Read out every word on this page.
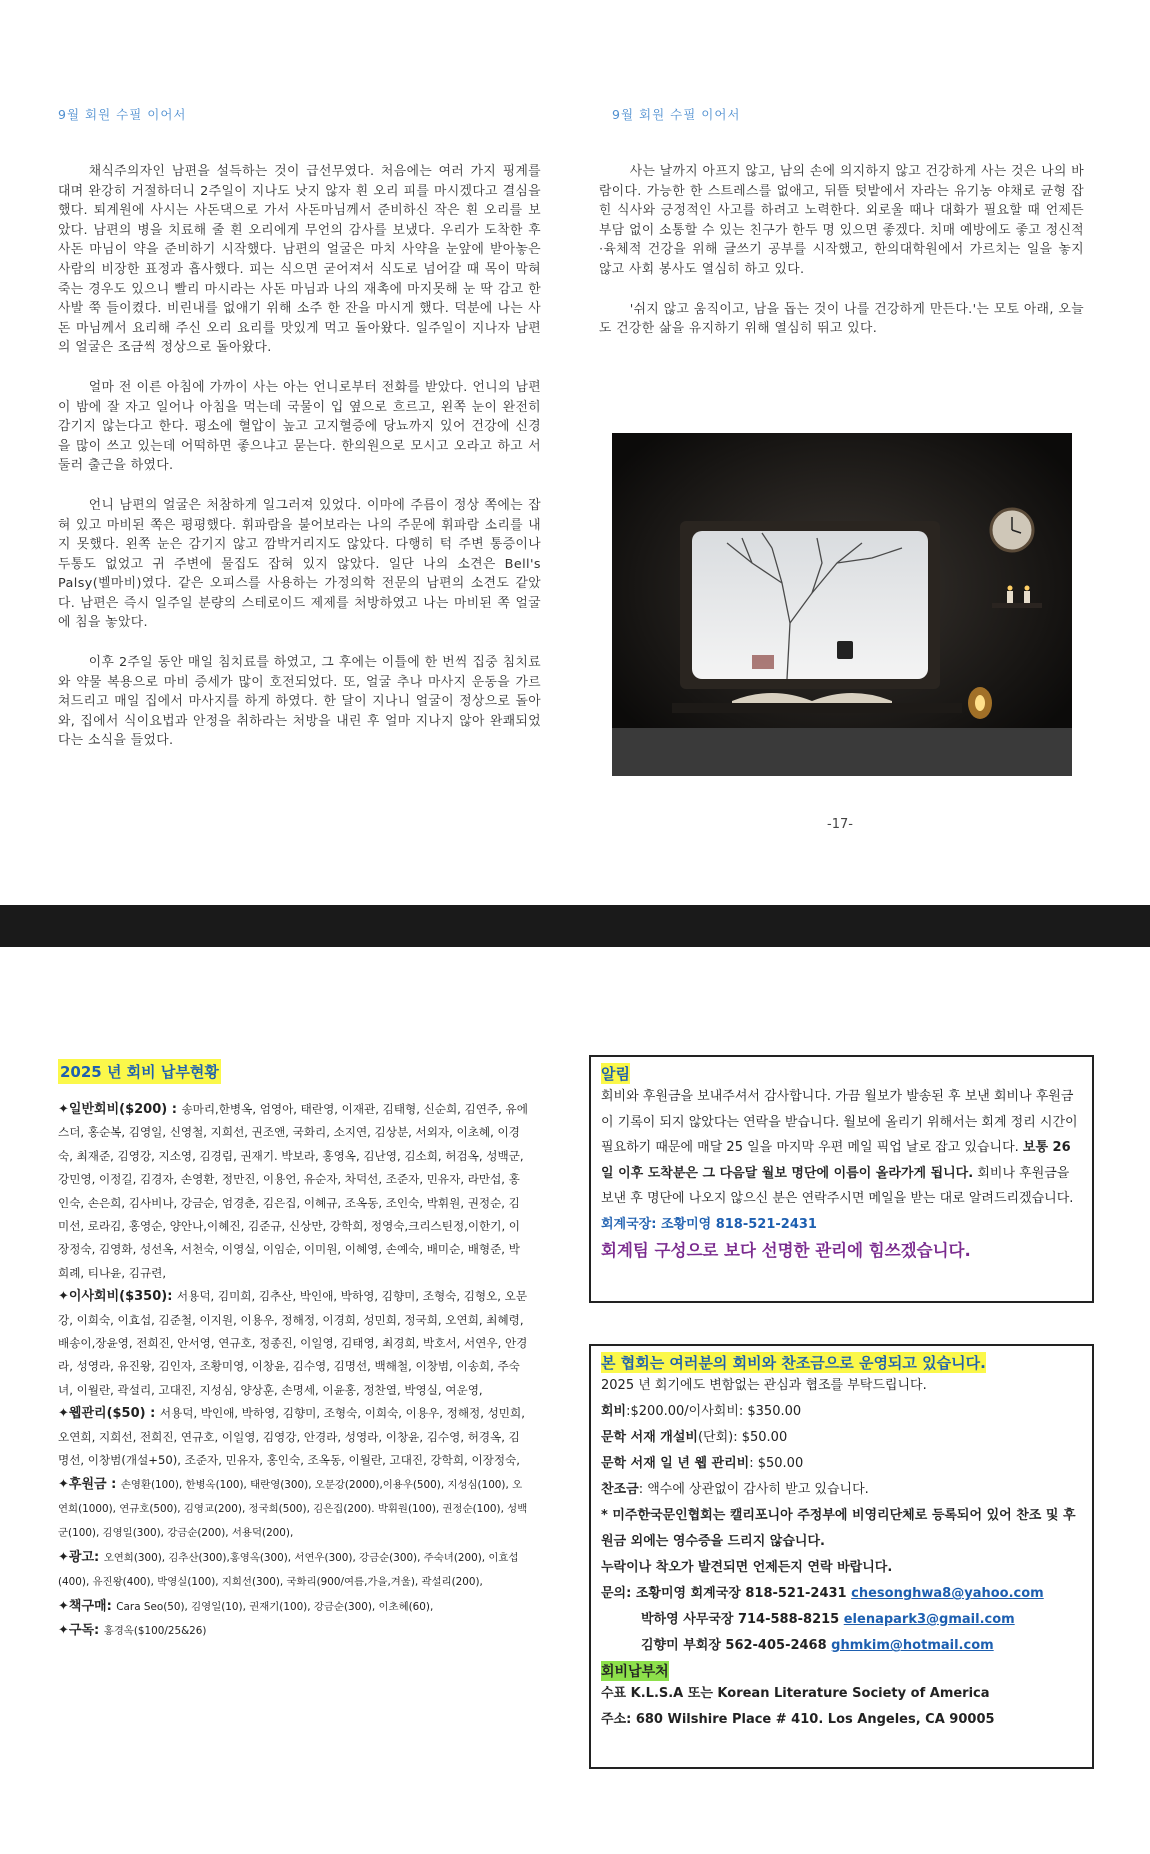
9월 회원 수필 이어서	9월 회원 수필 이어서

채식주의자인 남편을 설득하는 것이 급선무였다. 처음에는 여러 가지 핑계를 대며 완강히 거절하더니 2주일이 지나도 낫지 않자 흰 오리 피를 마시겠다고 결심을 했다. 퇴계원에 사시는 사돈댁으로 가서 사돈마님께서 준비하신 작은 흰 오리를 보았다. 남편의 병을 치료해 줄 흰 오리에게 무언의 감사를 보냈다. 우리가 도착한 후 사돈 마님이 약을 준비하기 시작했다. 남편의 얼굴은 마치 사약을 눈앞에 받아놓은 사람의 비장한 표정과 흡사했다. 피는 식으면 굳어져서 식도로 넘어갈 때 목이 막혀 죽는 경우도 있으니 빨리 마시라는 사돈 마님과 나의 재촉에 마지못해 눈 딱 감고 한 사발 쭉 들이켰다. 비린내를 없애기 위해 소주 한 잔을 마시게 했다. 덕분에 나는 사돈 마님께서 요리해 주신 오리 요리를 맛있게 먹고 돌아왔다. 일주일이 지나자 남편의 얼굴은 조금씩 정상으로 돌아왔다.

얼마 전 이른 아침에 가까이 사는 아는 언니로부터 전화를 받았다. 언니의 남편이 밤에 잘 자고 일어나 아침을 먹는데 국물이 입 옆으로 흐르고, 왼쪽 눈이 완전히 감기지 않는다고 한다. 평소에 혈압이 높고 고지혈증에 당뇨까지 있어 건강에 신경을 많이 쓰고 있는데 어떡하면 좋으냐고 묻는다. 한의원으로 모시고 오라고 하고 서둘러 출근을 하였다.

언니 남편의 얼굴은 처참하게 일그러져 있었다. 이마에 주름이 정상 쪽에는 잡혀 있고 마비된 쪽은 평평했다. 휘파람을 불어보라는 나의 주문에 휘파람 소리를 내지 못했다. 왼쪽 눈은 감기지 않고 깜박거리지도 않았다. 다행히 턱 주변 통증이나 두통도 없었고 귀 주변에 물집도 잡혀 있지 않았다. 일단 나의 소견은 Bell's Palsy(벨마비)였다. 같은 오피스를 사용하는 가정의학 전문의 남편의 소견도 같았다. 남편은 즉시 일주일 분량의 스테로이드 제제를 처방하였고 나는 마비된 쪽 얼굴에 침을 놓았다.

이후 2주일 동안 매일 침치료를 하였고, 그 후에는 이틀에 한 번씩 집중 침치료와 약물 복용으로 마비 증세가 많이 호전되었다. 또, 얼굴 추나 마사지 운동을 가르쳐드리고 매일 집에서 마사지를 하게 하였다. 한 달이 지나니 얼굴이 정상으로 돌아와, 집에서 식이요법과 안정을 취하라는 처방을 내린 후 얼마 지나지 않아 완쾌되었다는 소식을 들었다.

사는 날까지 아프지 않고, 남의 손에 의지하지 않고 건강하게 사는 것은 나의 바람이다. 가능한 한 스트레스를 없애고, 뒤뜰 텃밭에서 자라는 유기농 야채로 균형 잡힌 식사와 긍정적인 사고를 하려고 노력한다. 외로울 때나 대화가 필요할 때 언제든 부담 없이 소통할 수 있는 친구가 한두 명 있으면 좋겠다. 치매 예방에도 좋고 정신적·육체적 건강을 위해 글쓰기 공부를 시작했고, 한의대학원에서 가르치는 일을 놓지 않고 사회 봉사도 열심히 하고 있다.

'쉬지 않고 움직이고, 남을 돕는 것이 나를 건강하게 만든다.'는 모토 아래, 오늘도 건강한 삶을 유지하기 위해 열심히 뛰고 있다.

-17-
2025 년 회비 납부현황
✦일반회비($200) : 송마리,한병옥, 엄영아, 태란영, 이재관, 김태형, 신순희, 김연주, 유에스더, 홍순복, 김영일, 신영철, 지희선, 권조앤, 국화리, 소지연, 김상분, 서외자, 이초혜, 이경숙, 최재준, 김영강, 지소영, 김경림, 권재기. 박보라, 홍영옥, 김난영, 김소희, 허검옥, 성백군, 강민영, 이정길, 김경자, 손영환, 정만진, 이용언, 유순자, 차덕선, 조준자, 민유자, 라만섭, 홍인숙, 손은희, 김사비나, 강금순, 엄경춘, 김은집, 이혜규, 조옥동, 조인숙, 박휘원, 권정순, 김미선, 로라김, 홍영순, 양안나,이혜진, 김준규, 신상만, 강학희, 정영숙,크리스틴정,이한기, 이장정숙, 김영화, 성선옥, 서천숙, 이영실, 이임순, 이미원, 이혜영, 손예숙, 배미순, 배형준, 박희례, 티나윤, 김규련,
✦이사회비($350): 서용덕, 김미희, 김추산, 박인애, 박하영, 김향미, 조형숙, 김형오, 오문강, 이희숙, 이효섭, 김준철, 이지원, 이용우, 정해정, 이경희, 성민희, 정국희, 오연희, 최혜령, 배송이,장윤영, 전희진, 안서영, 연규호, 정종진, 이일영, 김태영, 최경희, 박호서, 서연우, 안경라, 성영라, 유진왕, 김인자, 조황미영, 이창윤, 김수영, 김명선, 백해철, 이창범, 이송희, 주숙녀, 이월란, 곽설리, 고대진, 지성심, 양상훈, 손명세, 이윤홍, 정찬열, 박영실, 여운영,
✦웹관리($50) : 서용덕, 박인애, 박하영, 김향미, 조형숙, 이희숙, 이용우, 정해정, 성민희, 오연희, 지희선, 전희진, 연규호, 이일영, 김영강, 안경라, 성영라, 이창윤, 김수영, 허경옥, 김명선, 이창범(개설+50), 조준자, 민유자, 홍인숙, 조옥동, 이월란, 고대진, 강학희, 이장정숙,
✦후원금 : 손영환(100), 한병옥(100), 태란영(300), 오문강(2000),이용우(500), 지성심(100), 오연희(1000), 연규호(500), 김영교(200), 정국희(500), 김은집(200). 박휘원(100), 권정순(100), 성백군(100), 김영일(300), 강금순(200), 서용덕(200),
✦광고: 오연희(300), 김추산(300),홍영옥(300), 서연우(300), 강금순(300), 주숙녀(200), 이효섭(400), 유진왕(400), 박영실(100), 지희선(300), 국화리(900/여름,가을,겨울), 곽설리(200),
✦책구매: Cara Seo(50), 김영일(10), 권재기(100), 강금순(300), 이초혜(60),
✦구독: 홍경옥($100/25&26)
알림
회비와 후원금을 보내주셔서 감사합니다. 가끔 월보가 발송된 후 보낸 회비나 후원금이 기록이 되지 않았다는 연락을 받습니다. 월보에 올리기 위해서는 회계 정리 시간이 필요하기 때문에 매달 25 일을 마지막 우편 메일 픽업 날로 잡고 있습니다. 보통 26 일 이후 도착분은 그 다음달 월보 명단에 이름이 올라가게 됩니다. 회비나 후원금을 보낸 후 명단에 나오지 않으신 분은 연락주시면 메일을 받는 대로 알려드리겠습니다.
회계국장: 조황미영 818-521-2431
회계팀 구성으로 보다 선명한 관리에 힘쓰겠습니다.
본 협회는 여러분의 회비와 찬조금으로 운영되고 있습니다.
2025 년 회기에도 변함없는 관심과 협조를 부탁드립니다.
회비:$200.00/이사회비: $350.00
문학 서재 개설비(단회): $50.00
문학 서재 일 년 웹 관리비: $50.00
찬조금: 액수에 상관없이 감사히 받고 있습니다.
* 미주한국문인협회는 캘리포니아 주정부에 비영리단체로 등록되어 있어 찬조 및 후원금 외에는 영수증을 드리지 않습니다.
누락이나 착오가 발견되면 언제든지 연락 바랍니다.
문의: 조황미영 회계국장 818-521-2431 chesonghwa8@yahoo.com
박하영 사무국장 714-588-8215 elenapark3@gmail.com
김향미 부회장 562-405-2468 ghmkim@hotmail.com
회비납부처
수표 K.L.S.A 또는 Korean Literature Society of America
주소: 680 Wilshire Place # 410. Los Angeles, CA 90005
